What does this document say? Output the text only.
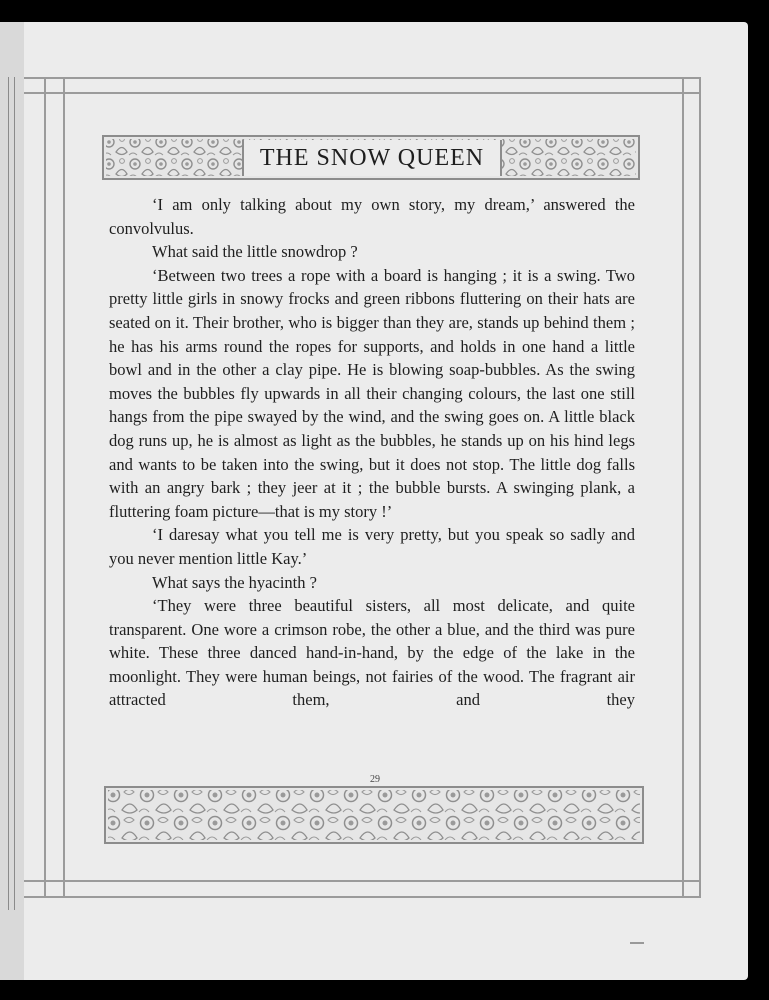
THE SNOW QUEEN

‘I am only talking about my own story, my dream,’ answered the convolvulus.

What said the little snowdrop ?

‘Between two trees a rope with a board is hanging ; it is a swing. Two pretty little girls in snowy frocks and green ribbons fluttering on their hats are seated on it. Their brother, who is bigger than they are, stands up behind them ; he has his arms round the ropes for supports, and holds in one hand a little bowl and in the other a clay pipe. He is blowing soap-bubbles. As the swing moves the bubbles fly upwards in all their changing colours, the last one still hangs from the pipe swayed by the wind, and the swing goes on. A little black dog runs up, he is almost as light as the bubbles, he stands up on his hind legs and wants to be taken into the swing, but it does not stop. The little dog falls with an angry bark ; they jeer at it ; the bubble bursts. A swinging plank, a fluttering foam picture—that is my story !’

‘I daresay what you tell me is very pretty, but you speak so sadly and you never mention little Kay.’

What says the hyacinth ?

‘They were three beautiful sisters, all most delicate, and quite transparent. One wore a crimson robe, the other a blue, and the third was pure white. These three danced hand-in-hand, by the edge of the lake in the moonlight. They were human beings, not fairies of the wood. The fragrant air attracted them, and they

29
